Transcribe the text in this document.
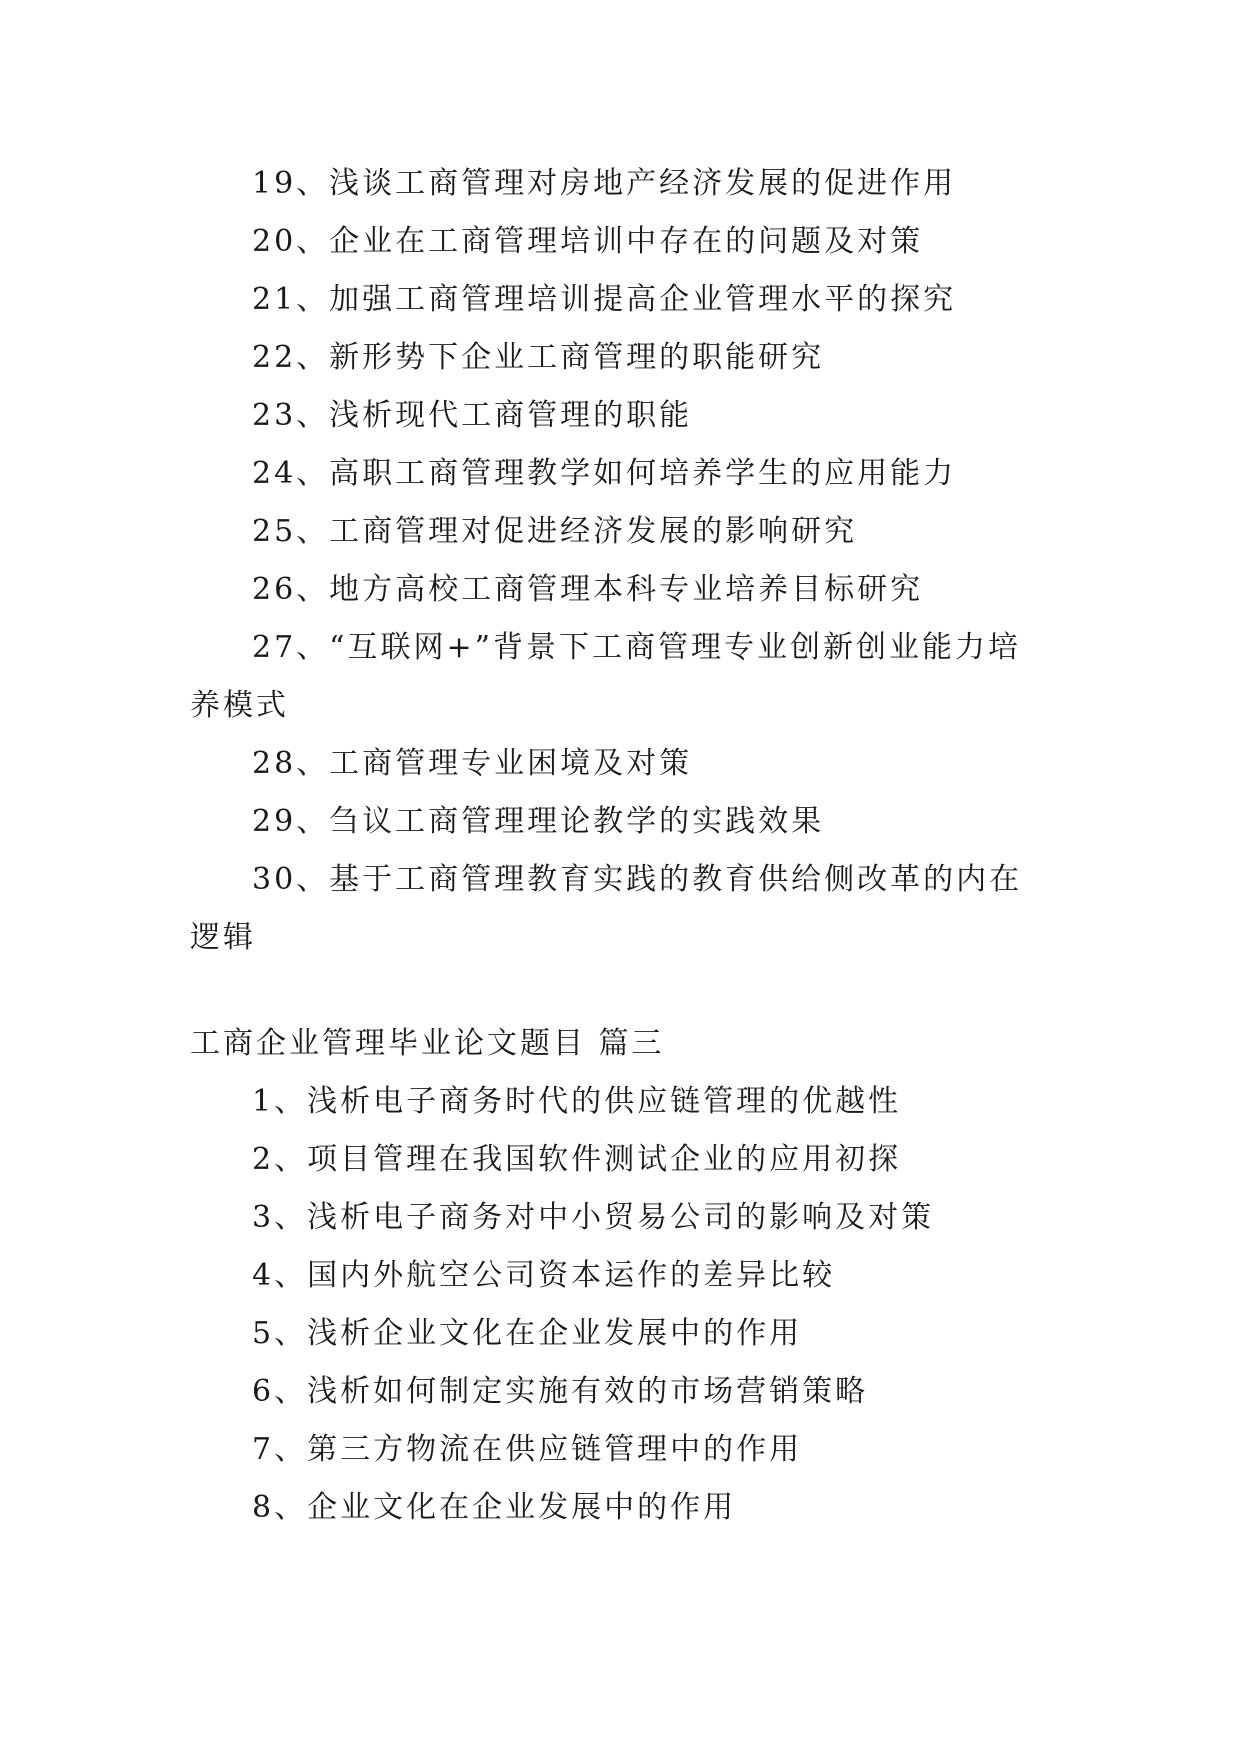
19、浅谈工商管理对房地产经济发展的促进作用

20、企业在工商管理培训中存在的问题及对策

21、加强工商管理培训提高企业管理水平的探究

22、新形势下企业工商管理的职能研究

23、浅析现代工商管理的职能

24、高职工商管理教学如何培养学生的应用能力

25、工商管理对促进经济发展的影响研究

26、地方高校工商管理本科专业培养目标研究

27、“互联网+”背景下工商管理专业创新创业能力培养模式

28、工商管理专业困境及对策

29、刍议工商管理理论教学的实践效果

30、基于工商管理教育实践的教育供给侧改革的内在逻辑

工商企业管理毕业论文题目 篇三

1、浅析电子商务时代的供应链管理的优越性

2、项目管理在我国软件测试企业的应用初探

3、浅析电子商务对中小贸易公司的影响及对策

4、国内外航空公司资本运作的差异比较

5、浅析企业文化在企业发展中的作用

6、浅析如何制定实施有效的市场营销策略

7、第三方物流在供应链管理中的作用

8、企业文化在企业发展中的作用
